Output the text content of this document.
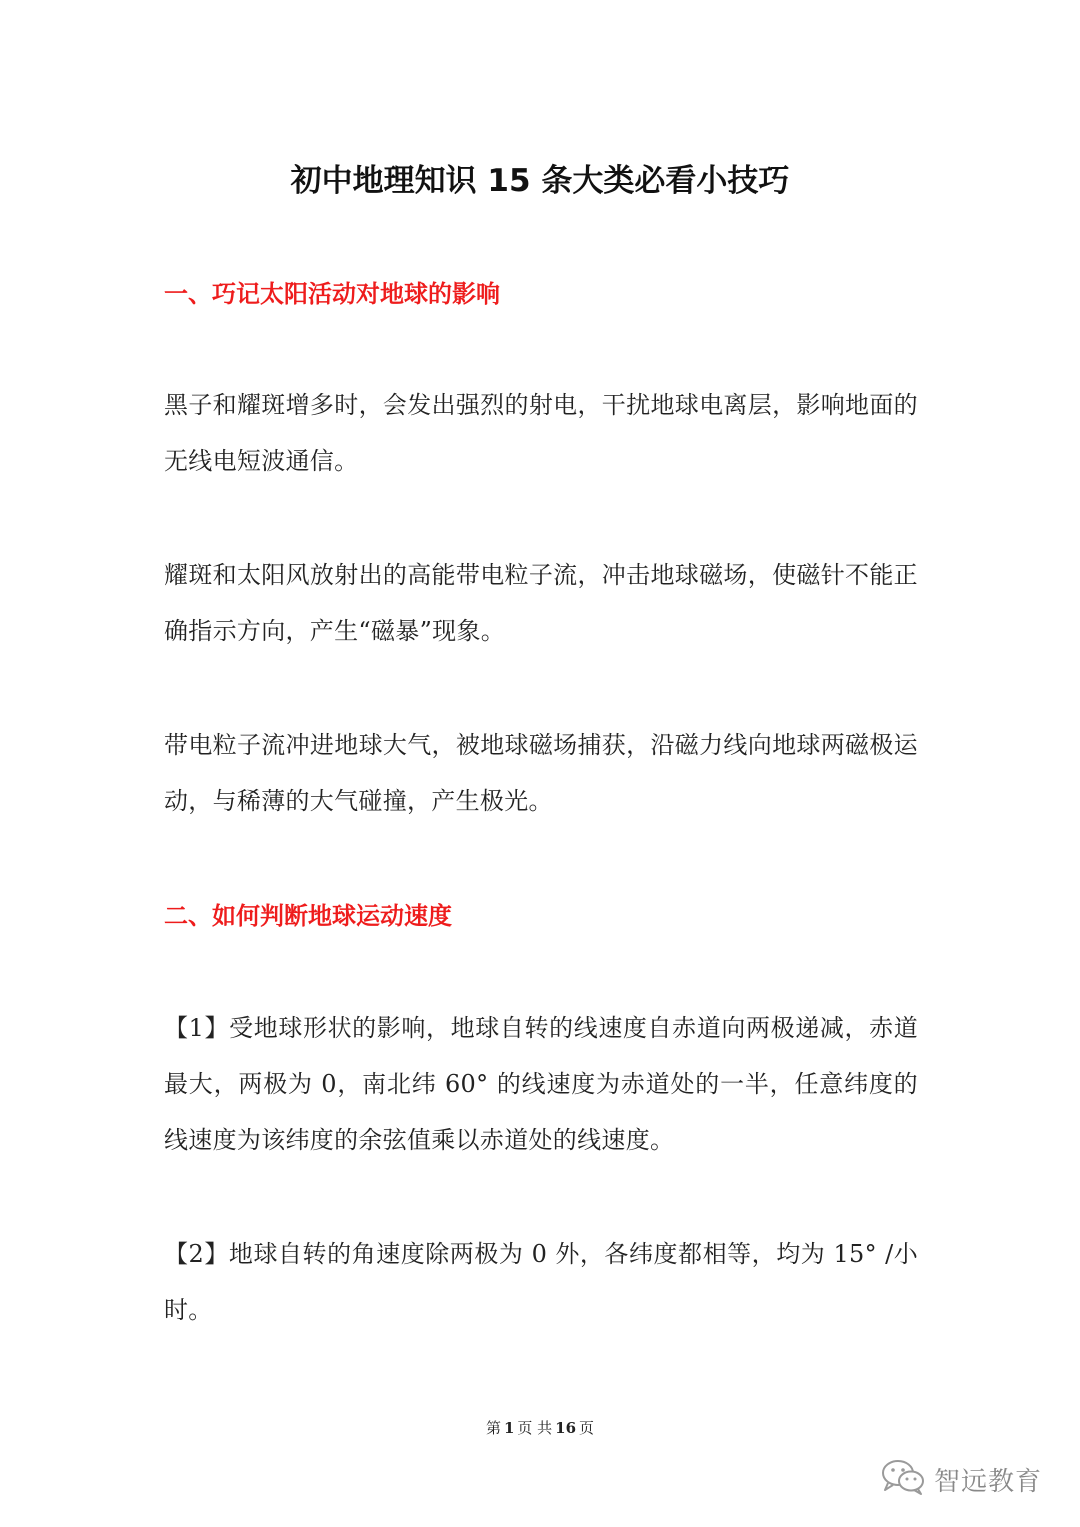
初中地理知识 15 条大类必看小技巧
一、巧记太阳活动对地球的影响

黑子和耀斑增多时，会发出强烈的射电，干扰地球电离层，影响地面的无线电短波通信。

耀斑和太阳风放射出的高能带电粒子流，冲击地球磁场，使磁针不能正确指示方向，产生“磁暴”现象。

带电粒子流冲进地球大气，被地球磁场捕获，沿磁力线向地球两磁极运动，与稀薄的大气碰撞，产生极光。

二、如何判断地球运动速度

【1】受地球形状的影响，地球自转的线速度自赤道向两极递减，赤道最大，两极为 0，南北纬 60° 的线速度为赤道处的一半，任意纬度的线速度为该纬度的余弦值乘以赤道处的线速度。

【2】地球自转的角速度除两极为 0 外，各纬度都相等，均为 15° /小时。

第 1 页 共 16 页
智远教育
